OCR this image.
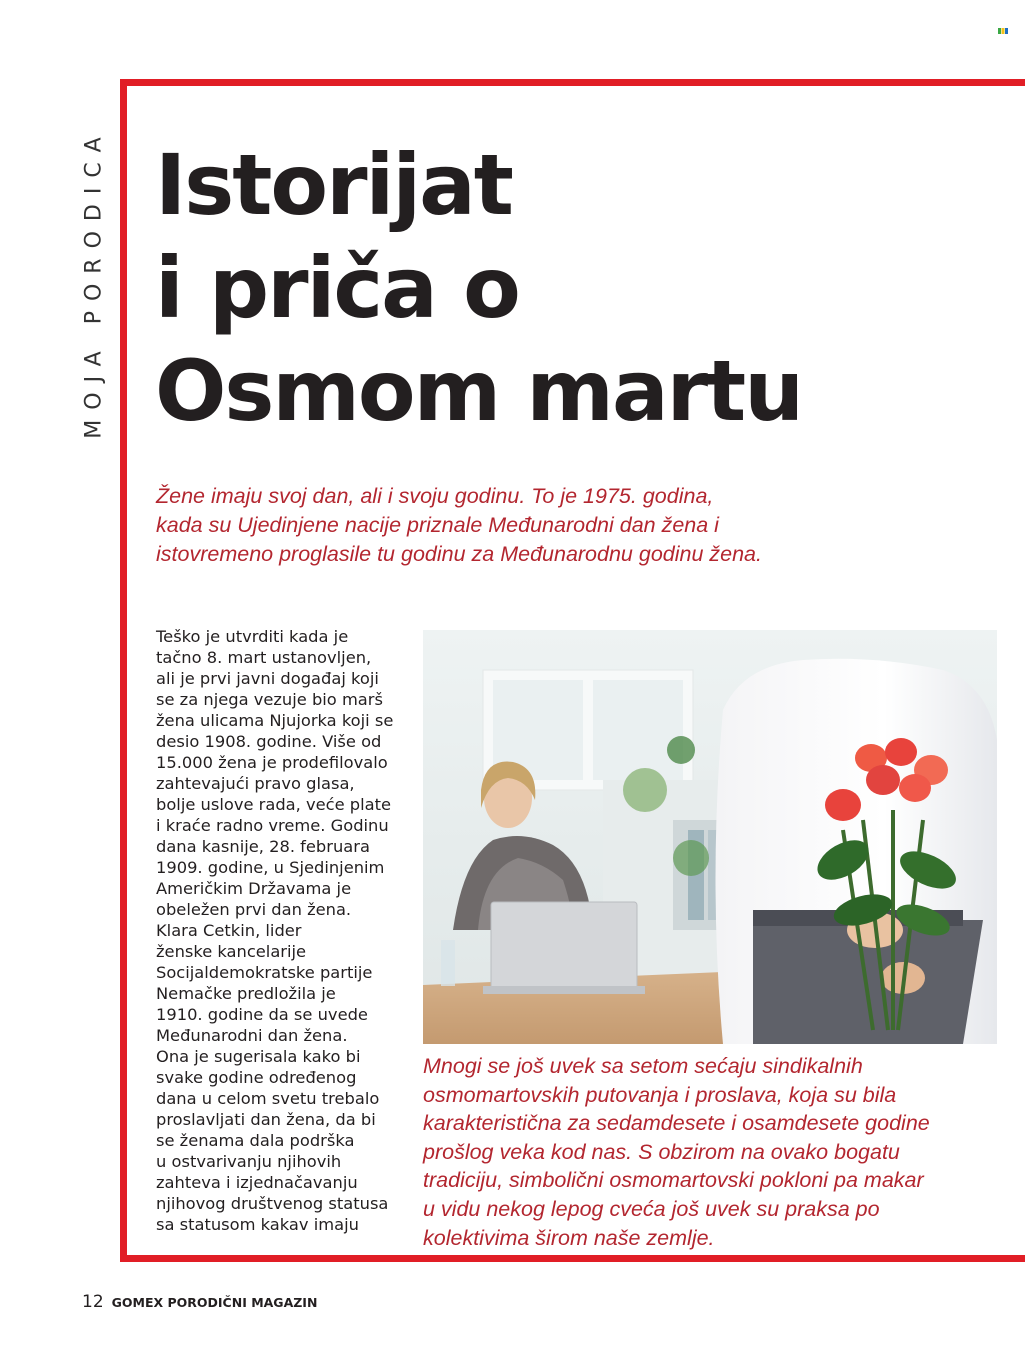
MOJA PORODICA Istorijat
i priča o
Osmom martu
Žene imaju svoj dan, ali i svoju godinu. To je 1975. godina,
kada su Ujedinjene nacije priznale Međunarodni dan žena i
istovremeno proglasile tu godinu za Međunarodnu godinu žena.
Teško je utvrditi kada je
tačno 8. mart ustanovljen,
ali je prvi javni događaj koji
se za njega vezuje bio marš
žena ulicama Njujorka koji se
desio 1908. godine. Više od
15.000 žena je prodefilovalo
zahtevajući pravo glasa,
bolje uslove rada, veće plate
i kraće radno vreme. Godinu
dana kasnije, 28. februara
1909. godine, u Sjedinjenim
Američkim Državama je
obeležen prvi dan žena.
Klara Cetkin, lider
ženske kancelarije
Socijaldemokratske partije
Nemačke predložila je
1910. godine da se uvede
Međunarodni dan žena.
Ona je sugerisala kako bi
svake godine određenog
dana u celom svetu trebalo
proslavljati dan žena, da bi
se ženama dala podrška
u ostvarivanju njihovih
zahteva i izjednačavanju
njihovog društvenog statusa
sa statusom kakav imaju
Mnogi se još uvek sa setom sećaju sindikalnih
osmomartovskih putovanja i proslava, koja su bila
karakteristična za sedamdesete i osamdesete godine
prošlog veka kod nas. S obzirom na ovako bogatu
tradiciju, simbolični osmomartovski pokloni pa makar
u vidu nekog lepog cveća još uvek su praksa po
kolektivima širom naše zemlje.
12 GOMEX PORODIČNI MAGAZIN
